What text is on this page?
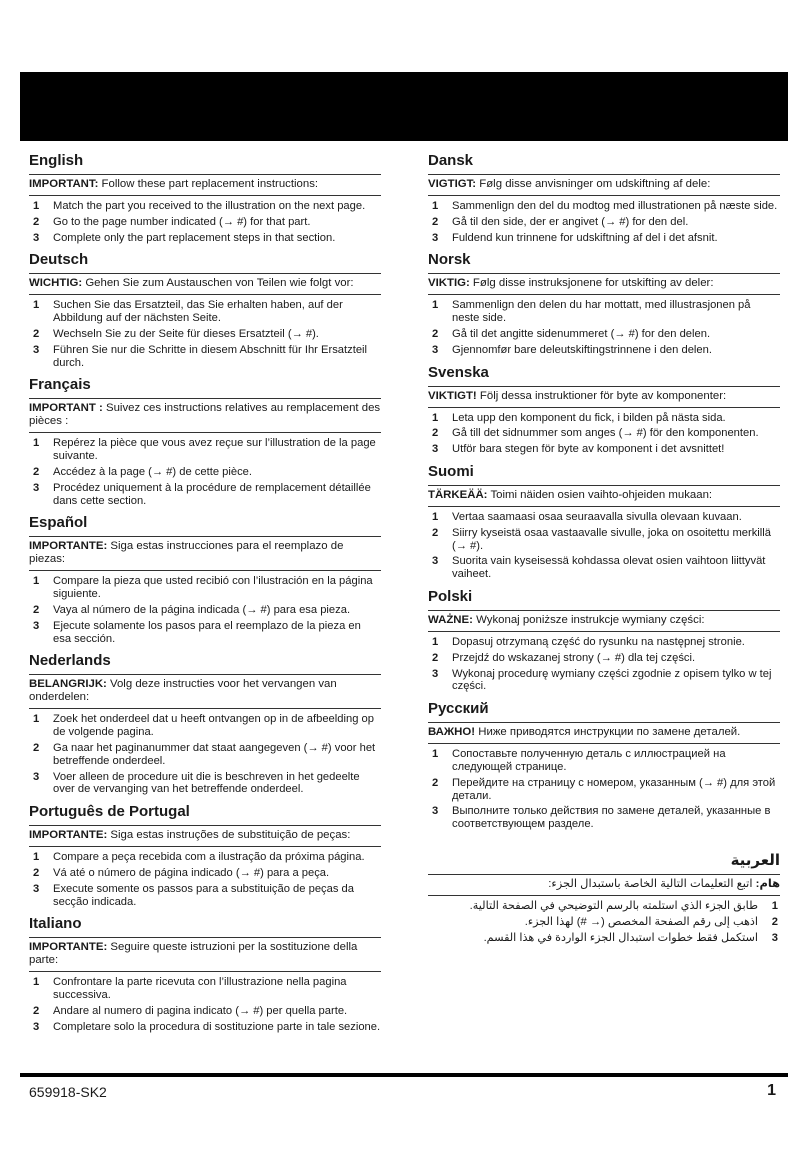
English
IMPORTANT: Follow these part replacement instructions:
1 Match the part you received to the illustration on the next page.
2 Go to the page number indicated (→ #) for that part.
3 Complete only the part replacement steps in that section.
Deutsch
WICHTIG: Gehen Sie zum Austauschen von Teilen wie folgt vor:
1 Suchen Sie das Ersatzteil, das Sie erhalten haben, auf der Abbildung auf der nächsten Seite.
2 Wechseln Sie zu der Seite für dieses Ersatzteil (→ #).
3 Führen Sie nur die Schritte in diesem Abschnitt für Ihr Ersatzteil durch.
Français
IMPORTANT : Suivez ces instructions relatives au remplacement des pièces :
1 Repérez la pièce que vous avez reçue sur l’illustration de la page suivante.
2 Accédez à la page (→ #) de cette pièce.
3 Procédez uniquement à la procédure de remplacement détaillée dans cette section.
Español
IMPORTANTE: Siga estas instrucciones para el reemplazo de piezas:
1 Compare la pieza que usted recibió con l’ilustración en la página siguiente.
2 Vaya al número de la página indicada (→ #) para esa pieza.
3 Ejecute solamente los pasos para el reemplazo de la pieza en esa sección.
Nederlands
BELANGRIJK: Volg deze instructies voor het vervangen van onderdelen:
1 Zoek het onderdeel dat u heeft ontvangen op in de afbeelding op de volgende pagina.
2 Ga naar het paginanummer dat staat aangegeven (→ #) voor het betreffende onderdeel.
3 Voer alleen de procedure uit die is beschreven in het gedeelte over de vervanging van het betreffende onderdeel.
Português de Portugal
IMPORTANTE: Siga estas instruções de substituição de peças:
1 Compare a peça recebida com a ilustração da próxima página.
2 Vá até o número de página indicado (→ #) para a peça.
3 Execute somente os passos para a substituição de peças da secção indicada.
Italiano
IMPORTANTE: Seguire queste istruzioni per la sostituzione della parte:
1 Confrontare la parte ricevuta con l’illustrazione nella pagina successiva.
2 Andare al numero di pagina indicato (→ #) per quella parte.
3 Completare solo la procedura di sostituzione parte in tale sezione.
Dansk
VIGTIGT: Følg disse anvisninger om udskiftning af dele:
1 Sammenlign den del du modtog med illustrationen på næste side.
2 Gå til den side, der er angivet (→ #) for den del.
3 Fuldend kun trinnene for udskiftning af del i det afsnit.
Norsk
VIKTIG: Følg disse instruksjonene for utskifting av deler:
1 Sammenlign den delen du har mottatt, med illustrasjonen på neste side.
2 Gå til det angitte sidenummeret (→ #) for den delen.
3 Gjennomfør bare deleutskiftingstrinnene i den delen.
Svenska
VIKTIGT! Följ dessa instruktioner för byte av komponenter:
1 Leta upp den komponent du fick, i bilden på nästa sida.
2 Gå till det sidnummer som anges (→ #) för den komponenten.
3 Utför bara stegen för byte av komponent i det avsnittet!
Suomi
TÄRKEÄÄ: Toimi näiden osien vaihto-ohjeiden mukaan:
1 Vertaa saamaasi osaa seuraavalla sivulla olevaan kuvaan.
2 Siirry kyseistä osaa vastaavalle sivulle, joka on osoitettu merkillä (→ #).
3 Suorita vain kyseisessä kohdassa olevat osien vaihtoon liittyvät vaiheet.
Polski
WAŻNE: Wykonaj poniższe instrukcje wymiany części:
1 Dopasuj otrzymaną część do rysunku na następnej stronie.
2 Przejdź do wskazanej strony (→ #) dla tej części.
3 Wykonaj procedurę wymiany części zgodnie z opisem tylko w tej części.
Русский
ВАЖНО! Ниже приводятся инструкции по замене деталей.
1 Сопоставьте полученную деталь с иллюстрацией на следующей странице.
2 Перейдите на страницу с номером, указанным (→ #) для этой детали.
3 Выполните только действия по замене деталей, указанные в соответствующем разделе.
العربية
هام: اتبع التعليمات التالية الخاصة باستبدال الجزء:
1
طابق الجزء الذي استلمته بالرسم التوضيحي في الصفحة التالية.
2
اذهب إلى رقم الصفحة المخصص (→ #) لهذا الجزء.
3
استكمل فقط خطوات استبدال الجزء الواردة في هذا القسم.
659918-SK2	1
